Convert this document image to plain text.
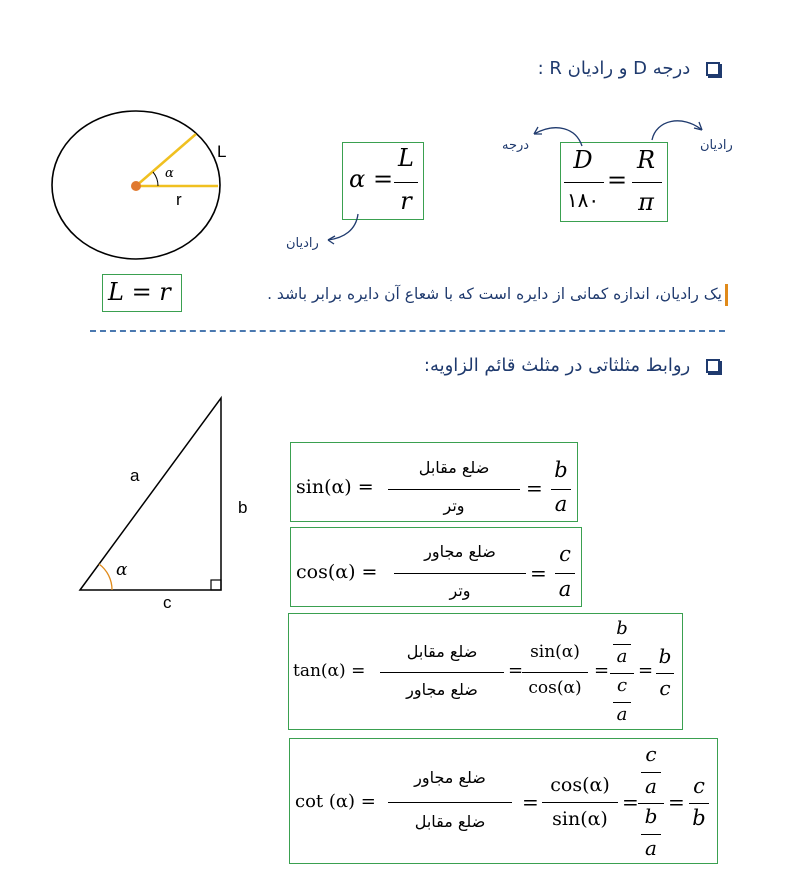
درجه D و رادیان R :
L
r
α	α =
L
r
رادیان
D
۱۸۰
=
R
π
درجه	رادیان
L = r	یک رادیان، اندازه کمانی از دایره است که با شعاع آن دایره برابر باشد .
روابط مثلثاتی در مثلث قائم الزاویه:
a
b
c
α
sin(α) =
ضلع مقابل
وتر
=
b
a
cos(α) =
ضلع مجاور
وتر
=
c
a
tan(α) =
ضلع مقابل
ضلع مجاور
=
sin(α)
cos(α)
=
b
a
c
a
=
b
c
cot (α) =
ضلع مجاور
ضلع مقابل
=
cos(α)
sin(α)
=
c
a
b
a
=
c
b
